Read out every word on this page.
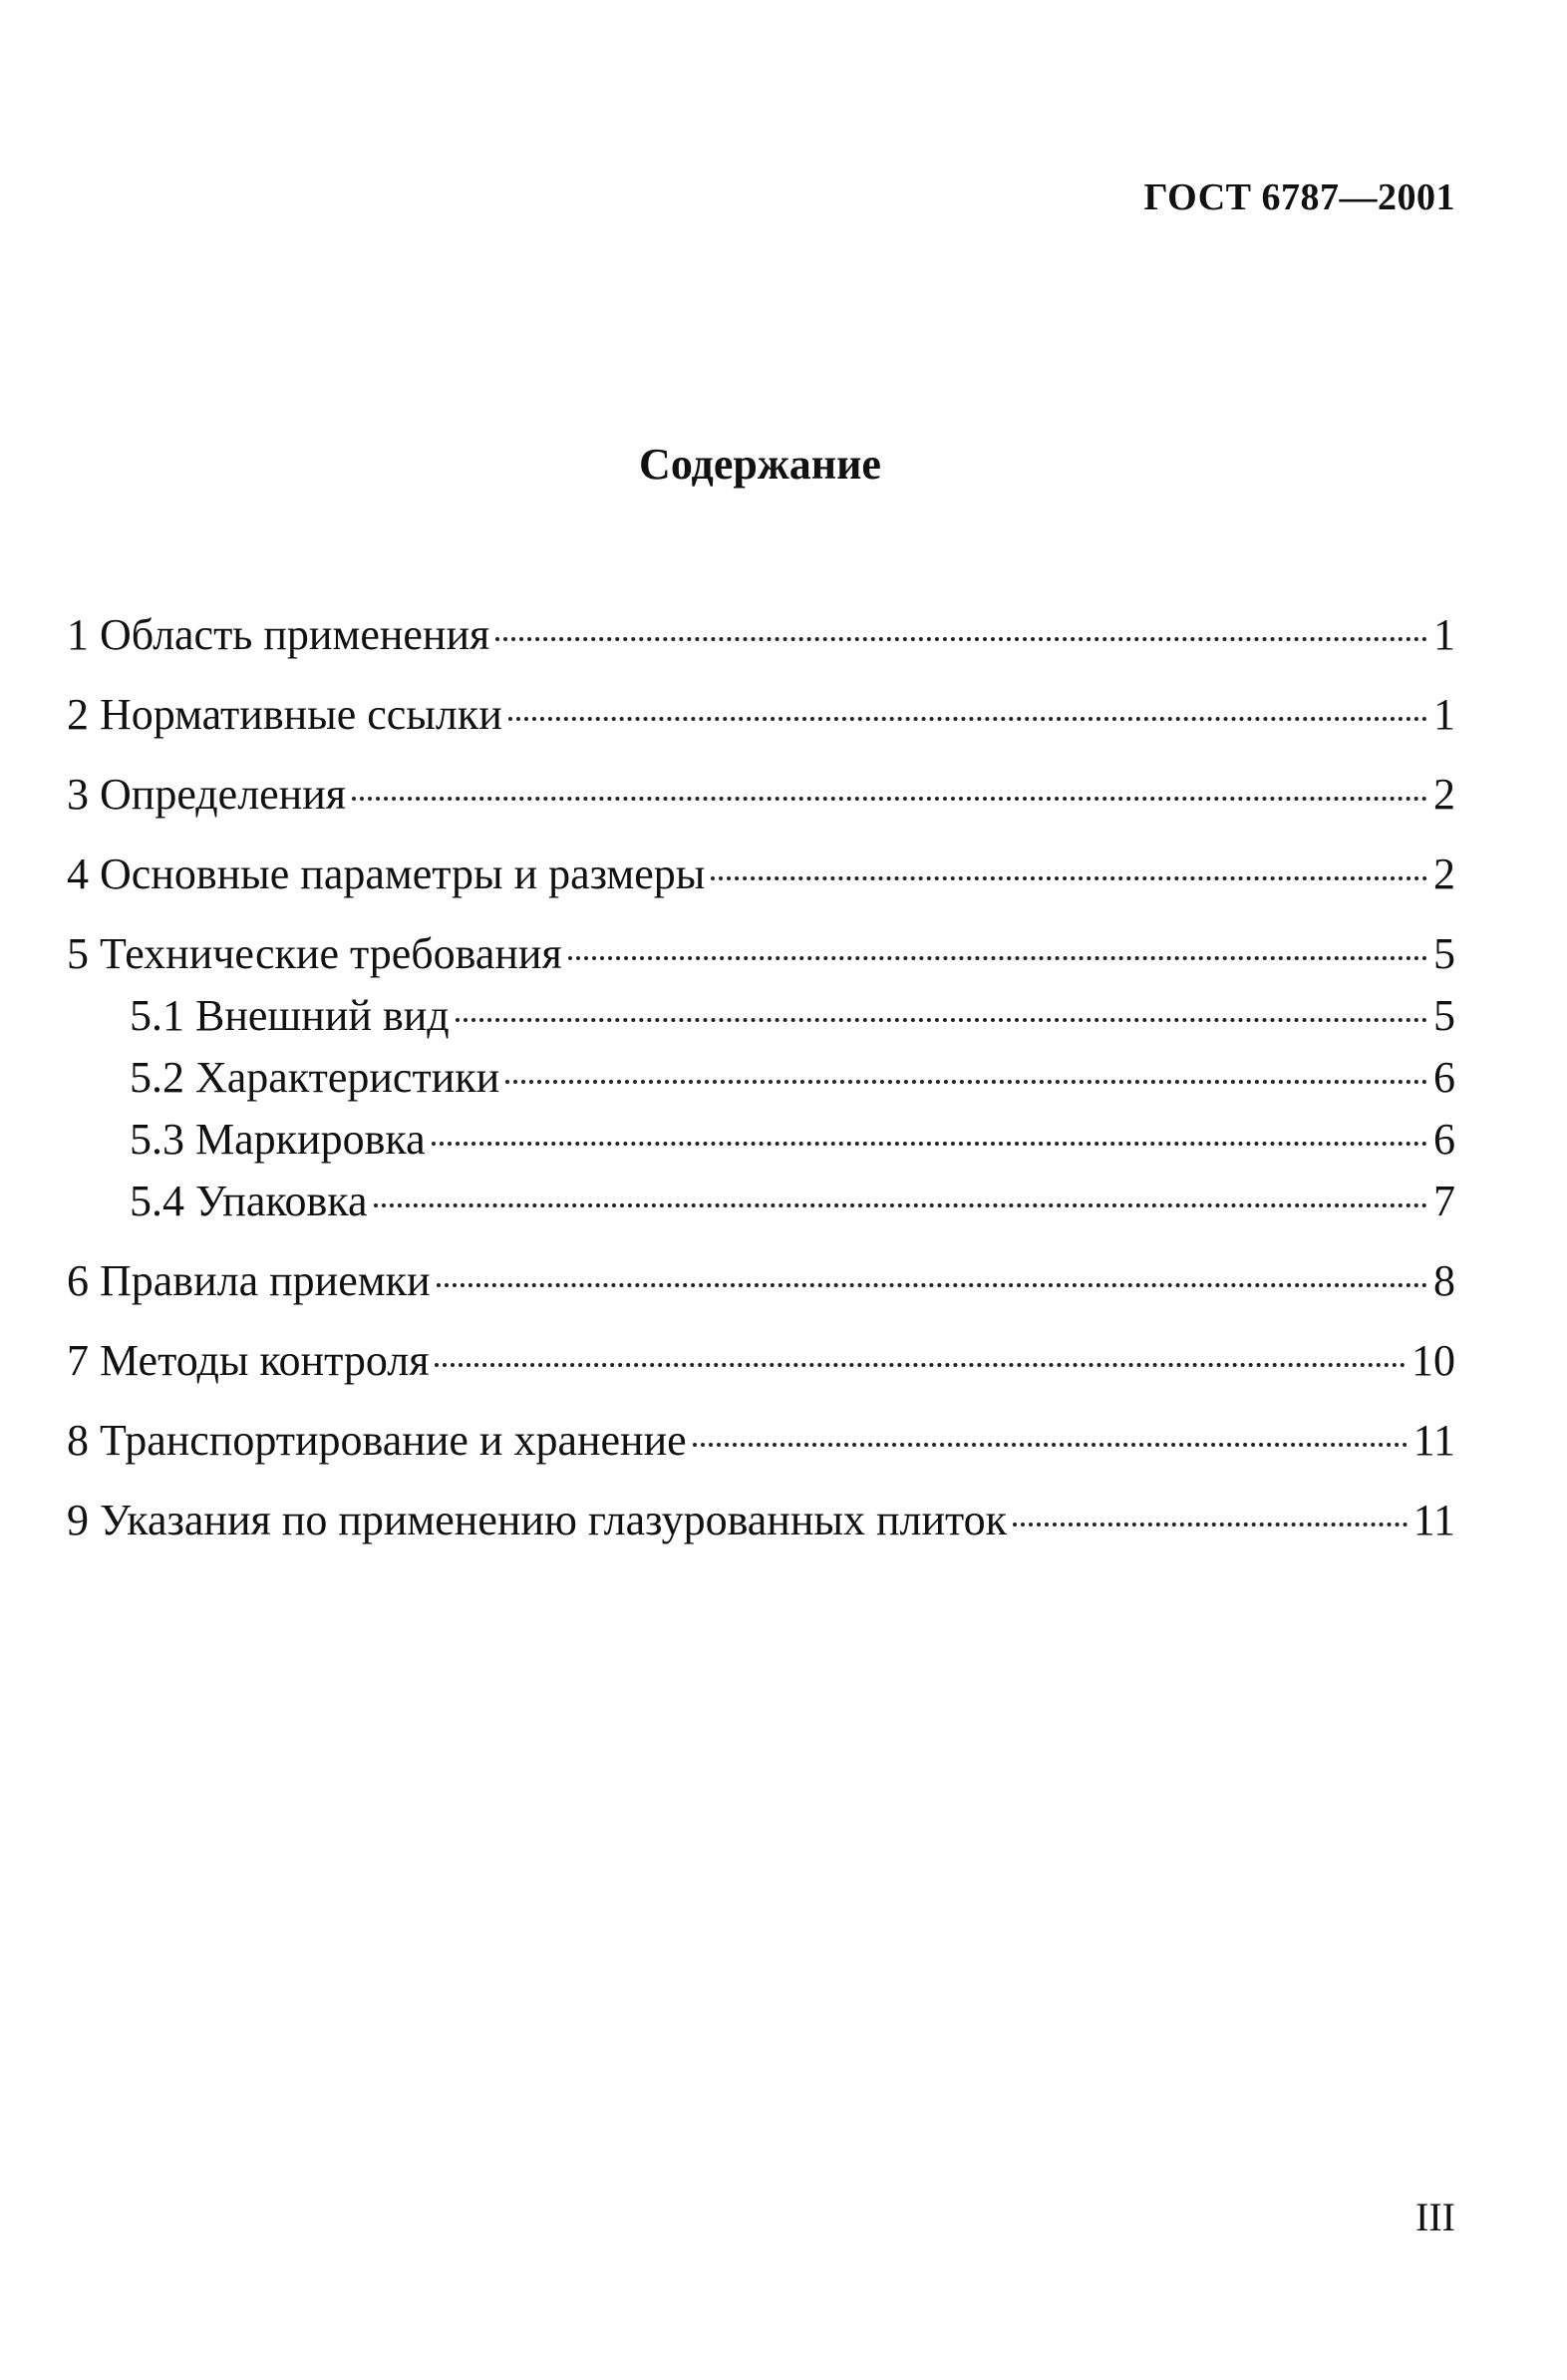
ГОСТ 6787—2001
Содержание
1 Область применения	1
2 Нормативные ссылки	1
3 Определения	2
4 Основные параметры и размеры	2
5 Технические требования	5
5.1 Внешний вид	5
5.2 Характеристики	6
5.3 Маркировка	6
5.4 Упаковка	7
6 Правила приемки	8
7 Методы контроля	10
8 Транспортирование и хранение	11
9 Указания по применению глазурованных плиток	11
III
